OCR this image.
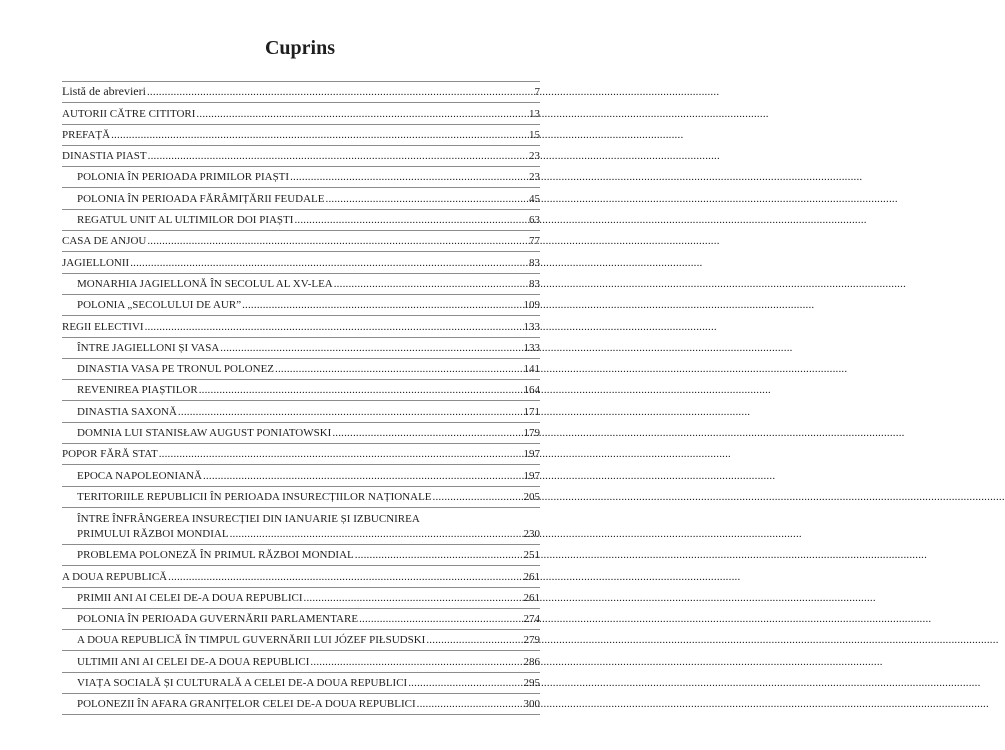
Cuprins
Listă de abrevieri .....	7
AUTORII CĂTRE CITITORI .....	13
PREFAȚĂ .....	15
DINASTIA PIAST .....	23
POLONIA ÎN PERIOADA PRIMILOR PIAȘTI .....	23
POLONIA ÎN PERIOADA FĂRÂMIȚĂRII FEUDALE .....	45
REGATUL UNIT AL ULTIMILOR DOI PIAȘTI .....	63
CASA DE ANJOU .....	77
JAGIELLONII .....	83
MONARHIA JAGIELLONĂ ÎN SECOLUL AL XV-LEA .....	83
POLONIA „SECOLULUI DE AUR” .....	109
REGII ELECTIVI .....	133
ÎNTRE JAGIELLONI ȘI VASA .....	133
DINASTIA VASA PE TRONUL POLONEZ .....	141
REVENIREA PIAȘTILOR .....	164
DINASTIA SAXONĂ .....	171
DOMNIA LUI STANISŁAW AUGUST PONIATOWSKI .....	179
POPOR FĂRĂ STAT .....	197
EPOCA NAPOLEONIANĂ .....	197
TERITORIILE REPUBLICII ÎN PERIOADA INSURECȚIILOR NAȚIONALE .....	205
ÎNTRE ÎNFRÂNGEREA INSURECȚIEI DIN IANUARIE ȘI IZBUCNIREA
PRIMULUI RĂZBOI MONDIAL .....	230
PROBLEMA POLONEZĂ ÎN PRIMUL RĂZBOI MONDIAL .....	251
A DOUA REPUBLICĂ .....	261
PRIMII ANI AI CELEI DE-A DOUA REPUBLICI .....	261
POLONIA ÎN PERIOADA GUVERNĂRII PARLAMENTARE .....	274
A DOUA REPUBLICĂ ÎN TIMPUL GUVERNĂRII LUI JÓZEF PIŁSUDSKI .....	279
ULTIMII ANI AI CELEI DE-A DOUA REPUBLICI .....	286
VIAȚA SOCIALĂ ȘI CULTURALĂ A CELEI DE-A DOUA REPUBLICI .....	295
POLONEZII ÎN AFARA GRANIȚELOR CELEI DE-A DOUA REPUBLICI .....	300
